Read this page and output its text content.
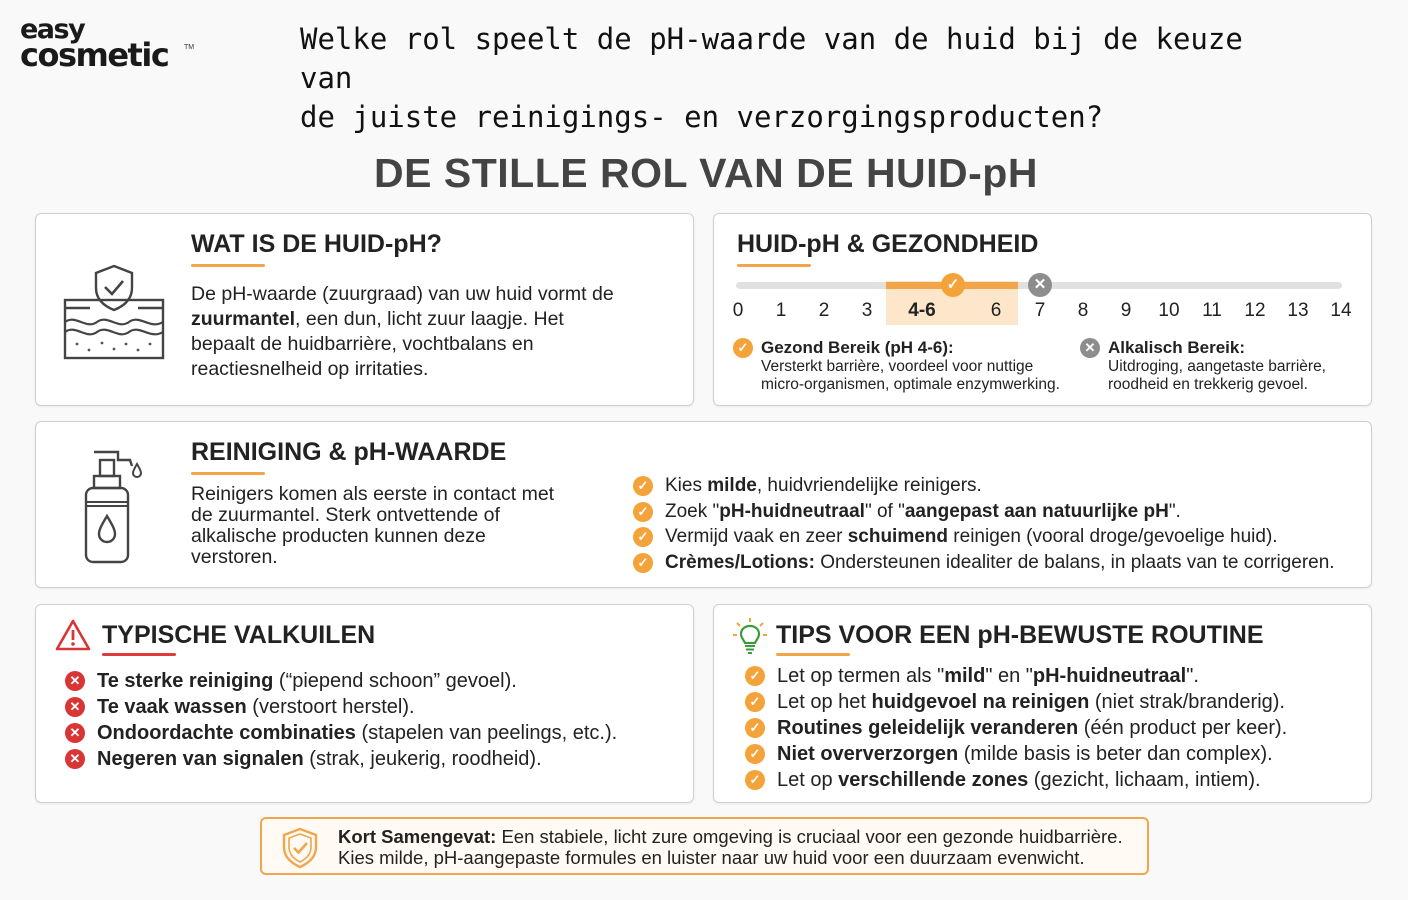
easy
cosmetic TM	Welke rol speelt de pH-waarde van de huid bij de keuze van
de juiste reinigings- en verzorgingsproducten?
DE STILLE ROL VAN DE HUID-pH
WAT IS DE HUID-pH?
De pH-waarde (zuurgraad) van uw huid vormt de
zuurmantel, een dun, licht zuur laagje. Het
bepaalt de huidbarrière, vochtbalans en
reactiesnelheid op irritaties.
HUID-pH & GEZONDHEID
✓	✕
0	1	2	3	4-6	6	7	8	9	10 11 12 13 14
✓ Gezond Bereik (pH 4-6):
Versterkt barrière, voordeel voor nuttige
micro-organismen, optimale enzymwerking.
✕ Alkalisch Bereik:
Uitdroging, aangetaste barrière,
roodheid en trekkerig gevoel.
REINIGING & pH-WAARDE
Reinigers komen als eerste in contact met
de zuurmantel. Sterk ontvettende of
alkalische producten kunnen deze
verstoren.
✓ Kies milde, huidvriendelijke reinigers.
✓ Zoek "pH-huidneutraal" of "aangepast aan natuurlijke pH".
✓ Vermijd vaak en zeer schuimend reinigen (vooral droge/gevoelige huid).
✓ Crèmes/Lotions: Ondersteunen idealiter de balans, in plaats van te corrigeren.
TYPISCHE VALKUILEN
✕ Te sterke reiniging (“piepend schoon” gevoel).
✕ Te vaak wassen (verstoort herstel).
✕ Ondoordachte combinaties (stapelen van peelings, etc.).
✕ Negeren van signalen (strak, jeukerig, roodheid).
TIPS VOOR EEN pH-BEWUSTE ROUTINE
✓ Let op termen als "mild" en "pH-huidneutraal".
✓ Let op het huidgevoel na reinigen (niet strak/branderig).
✓ Routines geleidelijk veranderen (één product per keer).
✓ Niet oververzorgen (milde basis is beter dan complex).
✓ Let op verschillende zones (gezicht, lichaam, intiem).
Kort Samengevat: Een stabiele, licht zure omgeving is cruciaal voor een gezonde huidbarrière.
Kies milde, pH-aangepaste formules en luister naar uw huid voor een duurzaam evenwicht.
